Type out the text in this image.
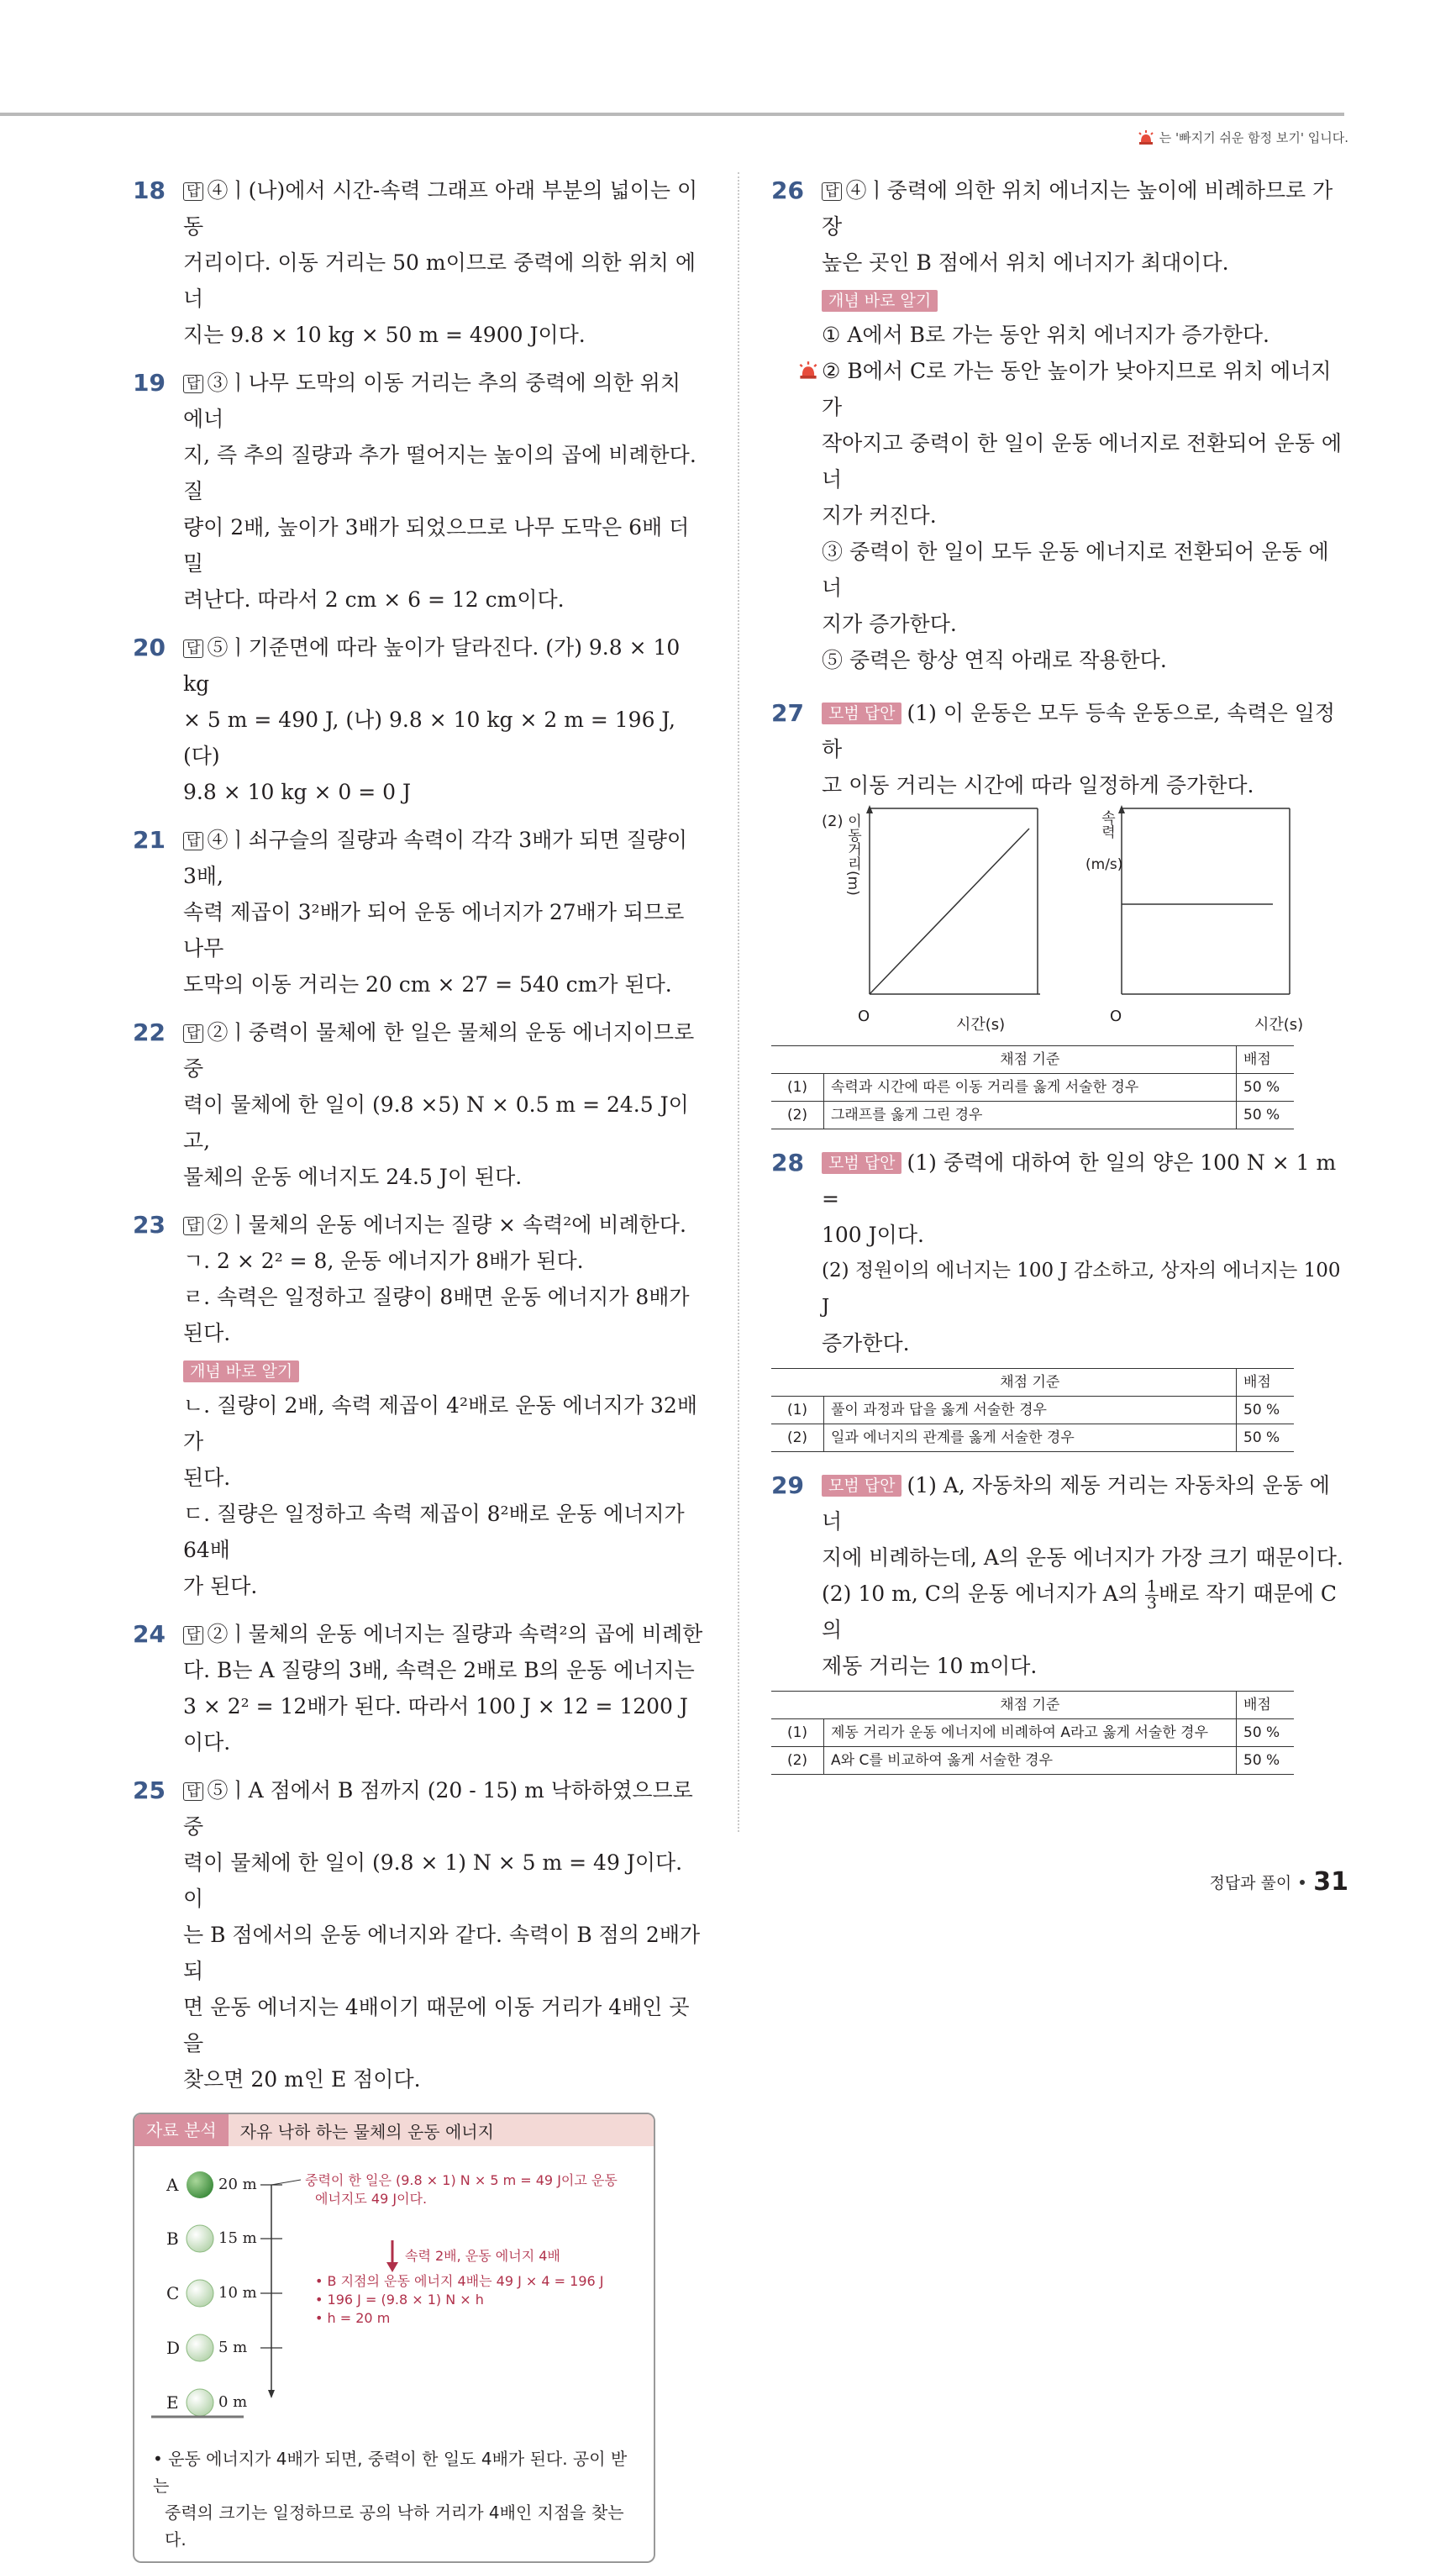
는 '빠지기 쉬운 함정 보기' 입니다.
18 답 ④ㅣ(나)에서 시간-속력 그래프 아래 부분의 넓이는 이동
거리이다. 이동 거리는 50 m이므로 중력에 의한 위치 에너
지는 9.8 × 10 kg × 50 m = 4900 J이다.
19 답 ③ㅣ나무 도막의 이동 거리는 추의 중력에 의한 위치 에너
지, 즉 추의 질량과 추가 떨어지는 높이의 곱에 비례한다. 질
량이 2배, 높이가 3배가 되었으므로 나무 도막은 6배 더 밀
려난다. 따라서 2 cm × 6 = 12 cm이다.
20 답 ⑤ㅣ기준면에 따라 높이가 달라진다. (가) 9.8 × 10 kg
× 5 m = 490 J, (나) 9.8 × 10 kg × 2 m = 196 J, (다)
9.8 × 10 kg × 0 = 0 J
21 답 ④ㅣ쇠구슬의 질량과 속력이 각각 3배가 되면 질량이 3배,
속력 제곱이 3²배가 되어 운동 에너지가 27배가 되므로 나무
도막의 이동 거리는 20 cm × 27 = 540 cm가 된다.
22 답 ②ㅣ중력이 물체에 한 일은 물체의 운동 에너지이므로 중
력이 물체에 한 일이 (9.8 ×5) N × 0.5 m = 24.5 J이고,
물체의 운동 에너지도 24.5 J이 된다.
23 답 ②ㅣ물체의 운동 에너지는 질량 × 속력²에 비례한다.
ㄱ. 2 × 2² = 8, 운동 에너지가 8배가 된다.
ㄹ. 속력은 일정하고 질량이 8배면 운동 에너지가 8배가 된다.
개념 바로 알기
ㄴ. 질량이 2배, 속력 제곱이 4²배로 운동 에너지가 32배가
된다.
ㄷ. 질량은 일정하고 속력 제곱이 8²배로 운동 에너지가 64배
가 된다.
24 답 ②ㅣ물체의 운동 에너지는 질량과 속력²의 곱에 비례한
다. B는 A 질량의 3배, 속력은 2배로 B의 운동 에너지는
3 × 2² = 12배가 된다. 따라서 100 J × 12 = 1200 J이다.
25 답 ⑤ㅣA 점에서 B 점까지 (20 - 15) m 낙하하였으므로 중
력이 물체에 한 일이 (9.8 × 1) N × 5 m = 49 J이다. 이
는 B 점에서의 운동 에너지와 같다. 속력이 B 점의 2배가 되
면 운동 에너지는 4배이기 때문에 이동 거리가 4배인 곳을
찾으면 20 m인 E 점이다.
자료 분석	자유 낙하 하는 물체의 운동 에너지
A	20 m
B	15 m
C	10 m
D	5 m
E	0 m
중력이 한 일은 (9.8 × 1) N × 5 m = 49 J이고 운동
에너지도 49 J이다.
속력 2배, 운동 에너지 4배
• B 지점의 운동 에너지 4배는 49 J × 4 = 196 J
• 196 J = (9.8 × 1) N × h
• h = 20 m
• 운동 에너지가 4배가 되면, 중력이 한 일도 4배가 된다. 공이 받는
중력의 크기는 일정하므로 공의 낙하 거리가 4배인 지점을 찾는다.
26 답 ④ㅣ중력에 의한 위치 에너지는 높이에 비례하므로 가장
높은 곳인 B 점에서 위치 에너지가 최대이다.
개념 바로 알기
① A에서 B로 가는 동안 위치 에너지가 증가한다.
② B에서 C로 가는 동안 높이가 낮아지므로 위치 에너지가
작아지고 중력이 한 일이 운동 에너지로 전환되어 운동 에너
지가 커진다.
③ 중력이 한 일이 모두 운동 에너지로 전환되어 운동 에너
지가 증가한다.
⑤ 중력은 항상 연직 아래로 작용한다.
27	모범 답안 (1) 이 운동은 모두 등속 운동으로, 속력은 일정하
고 이동 거리는 시간에 따라 일정하게 증가한다.
(2) 이동거리(m)	속력
(m/s)
O	시간(s)	O	시간(s)
	채점 기준	배점
(1)	속력과 시간에 따른 이동 거리를 옳게 서술한 경우	50 %
(2)	그래프를 옳게 그린 경우	50 %
28	모범 답안 (1) 중력에 대하여 한 일의 양은 100 N × 1 m =
100 J이다.
(2) 정원이의 에너지는 100 J 감소하고, 상자의 에너지는 100 J
증가한다.
	채점 기준	배점
(1)	풀이 과정과 답을 옳게 서술한 경우	50 %
(2)	일과 에너지의 관계를 옳게 서술한 경우	50 %
29	모범 답안 (1) A, 자동차의 제동 거리는 자동차의 운동 에너
지에 비례하는데, A의 운동 에너지가 가장 크기 때문이다.
(2) 10 m, C의 운동 에너지가 A의 $\frac{1}{3}$ 배로 작기 때문에 C의
제동 거리는 10 m이다.
	채점 기준	배점
(1)	제동 거리가 운동 에너지에 비례하여 A라고 옳게 서술한 경우	50 %
(2)	A와 C를 비교하여 옳게 서술한 경우	50 %
정답과 풀이 31
